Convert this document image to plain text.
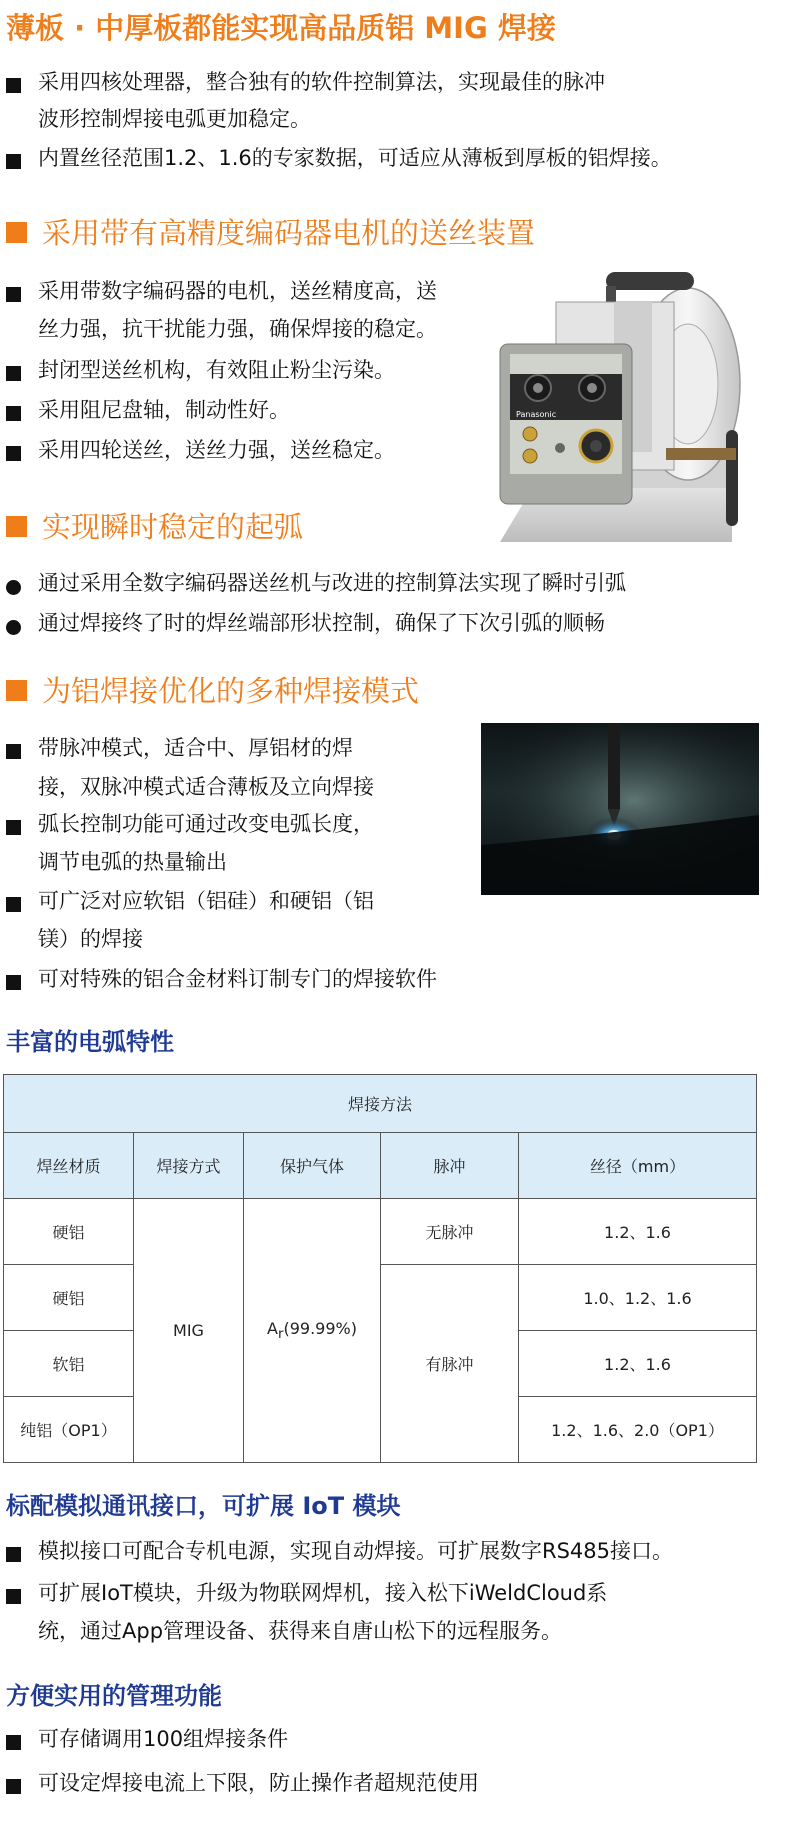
薄板 · 中厚板都能实现高品质铝 MIG 焊接
采用四核处理器，整合独有的软件控制算法，实现最佳的脉冲
波形控制焊接电弧更加稳定。
内置丝径范围1.2、1.6的专家数据，可适应从薄板到厚板的铝焊接。
采用带有高精度编码器电机的送丝装置
采用带数字编码器的电机，送丝精度高，送
丝力强，抗干扰能力强，确保焊接的稳定。
封闭型送丝机构，有效阻止粉尘污染。
采用阻尼盘轴，制动性好。
采用四轮送丝，送丝力强，送丝稳定。
Panasonic
实现瞬时稳定的起弧
通过采用全数字编码器送丝机与改进的控制算法实现了瞬时引弧
通过焊接终了时的焊丝端部形状控制，确保了下次引弧的顺畅
为铝焊接优化的多种焊接模式
带脉冲模式，适合中、厚铝材的焊
接，双脉冲模式适合薄板及立向焊接
弧长控制功能可通过改变电弧长度，
调节电弧的热量输出
可广泛对应软铝（铝硅）和硬铝（铝
镁）的焊接
可对特殊的铝合金材料订制专门的焊接软件
丰富的电弧特性
焊接方法				
焊丝材质	焊接方式	保护气体	脉冲	丝径（mm）
硬铝	MIG	$A_r(99.99\%)$	无脉冲	1.2、1.6
硬铝			有脉冲	1.0、1.2、1.6
软铝				1.2、1.6
纯铝（OP1）				1.2、1.6、2.0（OP1）
标配模拟通讯接口，可扩展 IoT 模块
模拟接口可配合专机电源，实现自动焊接。可扩展数字RS485接口。
可扩展IoT模块，升级为物联网焊机，接入松下iWeldCloud系
统，通过App管理设备、获得来自唐山松下的远程服务。
方便实用的管理功能
可存储调用100组焊接条件
可设定焊接电流上下限，防止操作者超规范使用
